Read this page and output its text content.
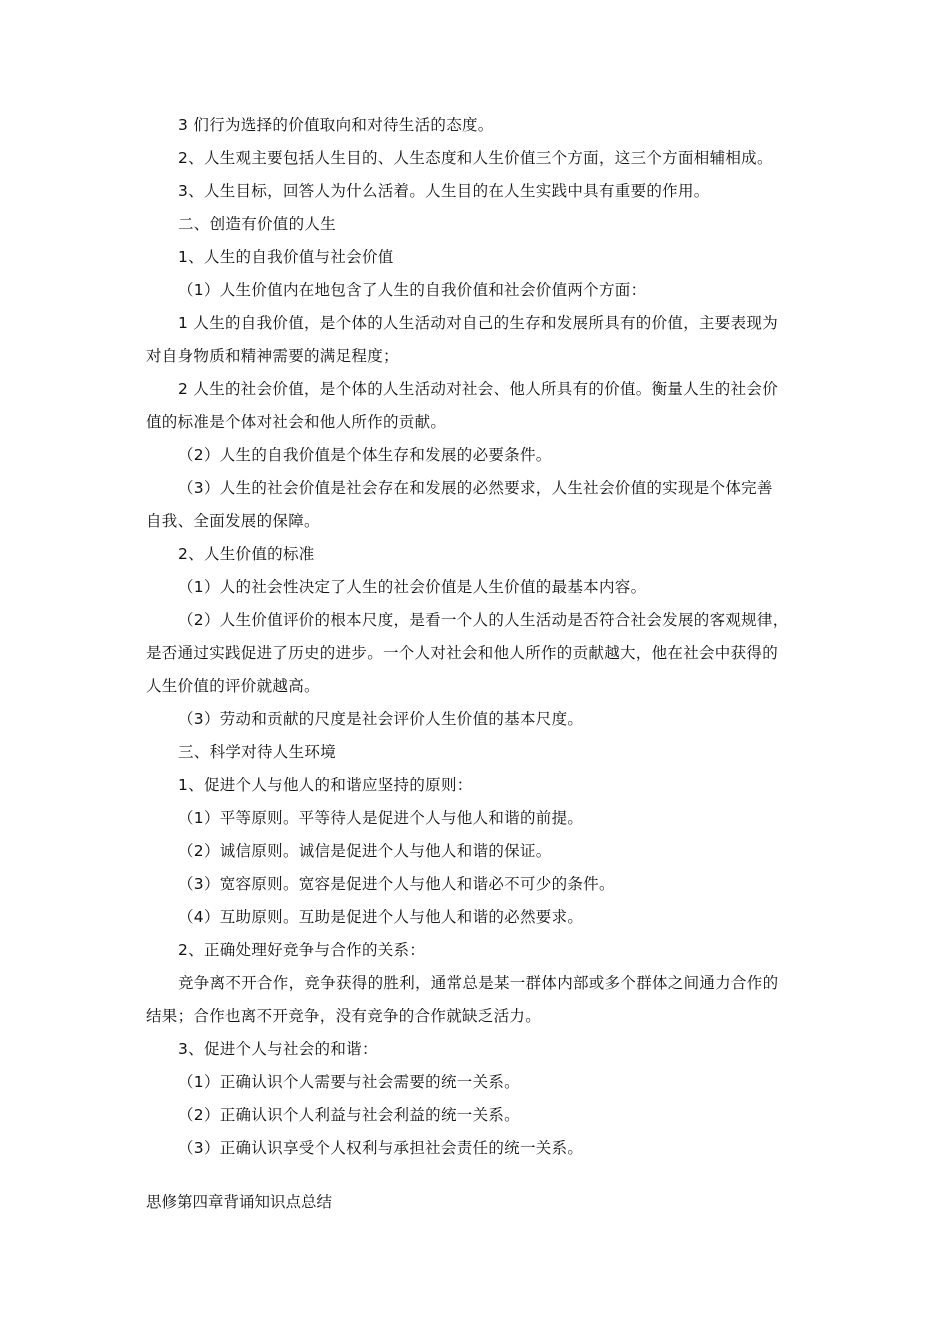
3 们行为选择的价值取向和对待生活的态度。
2、人生观主要包括人生目的、人生态度和人生价值三个方面，这三个方面相辅相成。
3、人生目标，回答人为什么活着。人生目的在人生实践中具有重要的作用。
二、创造有价值的人生
1、人生的自我价值与社会价值
（1）人生价值内在地包含了人生的自我价值和社会价值两个方面：
1 人生的自我价值，是个体的人生活动对自己的生存和发展所具有的价值，主要表现为
对自身物质和精神需要的满足程度；
2 人生的社会价值，是个体的人生活动对社会、他人所具有的价值。衡量人生的社会价
值的标准是个体对社会和他人所作的贡献。
（2）人生的自我价值是个体生存和发展的必要条件。
（3）人生的社会价值是社会存在和发展的必然要求，人生社会价值的实现是个体完善
自我、全面发展的保障。
2、人生价值的标准
（1）人的社会性决定了人生的社会价值是人生价值的最基本内容。
（2）人生价值评价的根本尺度，是看一个人的人生活动是否符合社会发展的客观规律，
是否通过实践促进了历史的进步。一个人对社会和他人所作的贡献越大，他在社会中获得的
人生价值的评价就越高。
（3）劳动和贡献的尺度是社会评价人生价值的基本尺度。
三、科学对待人生环境
1、促进个人与他人的和谐应坚持的原则：
（1）平等原则。平等待人是促进个人与他人和谐的前提。
（2）诚信原则。诚信是促进个人与他人和谐的保证。
（3）宽容原则。宽容是促进个人与他人和谐必不可少的条件。
（4）互助原则。互助是促进个人与他人和谐的必然要求。
2、正确处理好竞争与合作的关系：
竞争离不开合作，竞争获得的胜利，通常总是某一群体内部或多个群体之间通力合作的
结果；合作也离不开竞争，没有竞争的合作就缺乏活力。
3、促进个人与社会的和谐：
（1）正确认识个人需要与社会需要的统一关系。
（2）正确认识个人利益与社会利益的统一关系。
（3）正确认识享受个人权利与承担社会责任的统一关系。
思修第四章背诵知识点总结
